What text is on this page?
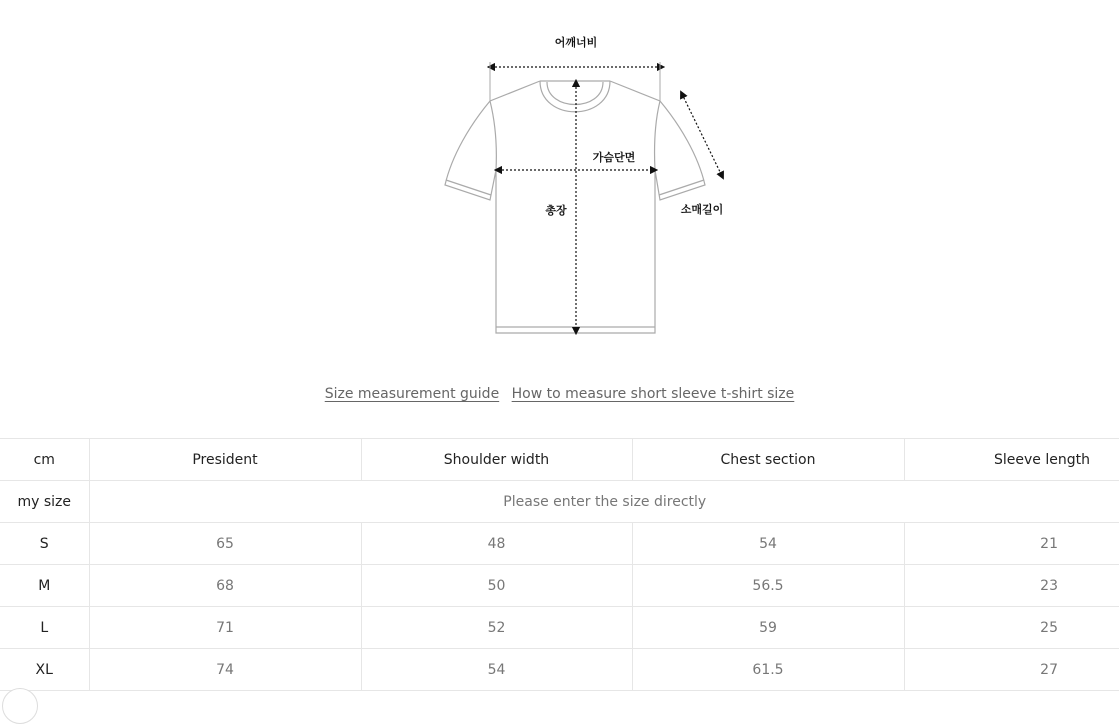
어깨너비
가슴단면
총장	소매길이
Size measurement guide How to measure short sleeve t-shirt size
cm	President	Shoulder width	Chest section	Sleeve length
my size	Please enter the size directly			
S	65	48	54	21
M	68	50	56.5	23
L	71	52	59	25
XL	74	54	61.5	27
